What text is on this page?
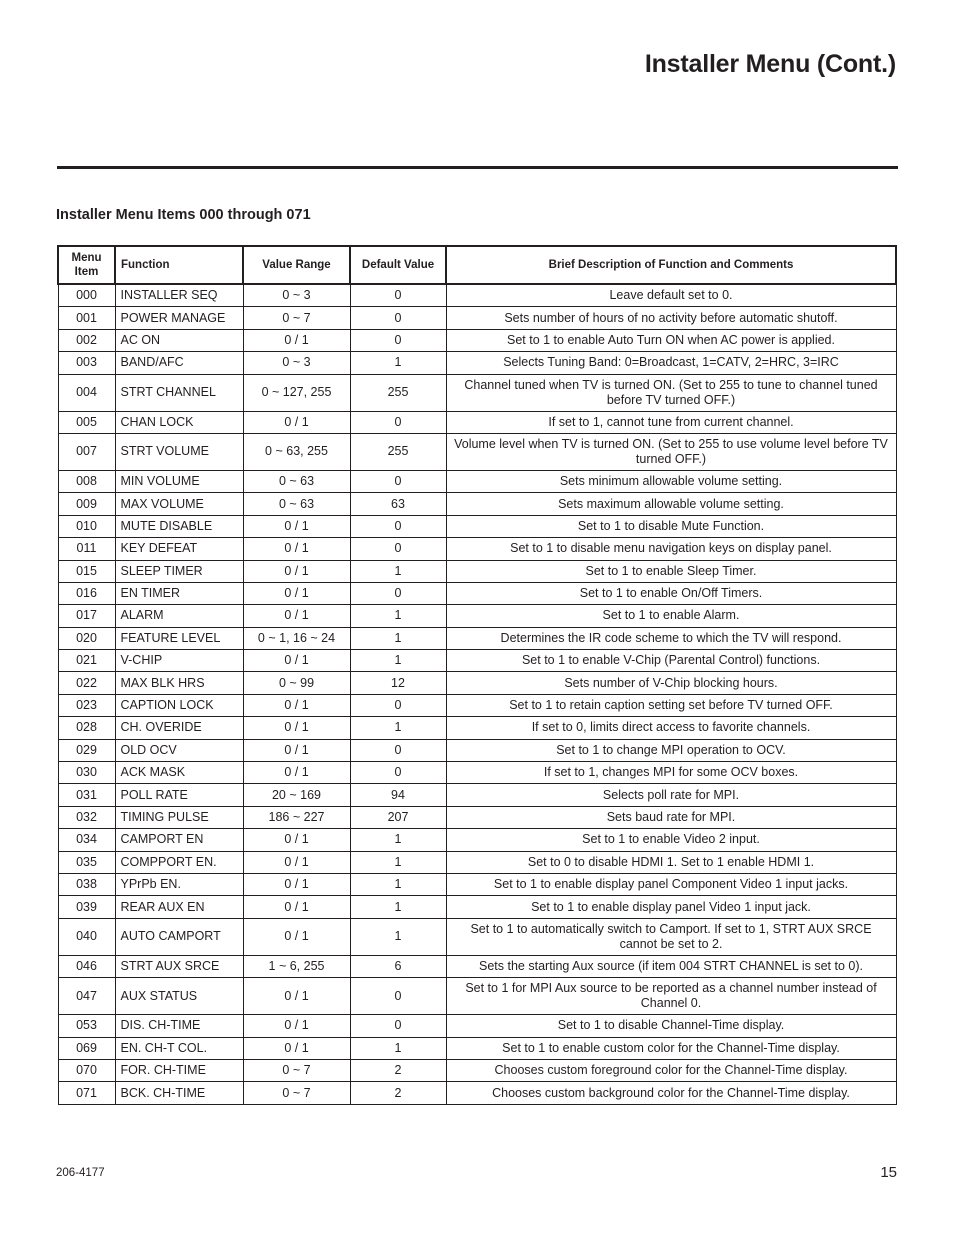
Installer Menu (Cont.)
Installer Menu Items 000 through 071
Menu Item	Function	Value Range	Default Value	Brief Description of Function and Comments
000	INSTALLER SEQ	0 ~ 3	0	Leave default set to 0.
001	POWER MANAGE	0 ~ 7	0	Sets number of hours of no activity before automatic shutoff.
002	AC ON	0 / 1	0	Set to 1 to enable Auto Turn ON when AC power is applied.
003	BAND/AFC	0 ~ 3	1	Selects Tuning Band: 0=Broadcast, 1=CATV, 2=HRC, 3=IRC
004	STRT CHANNEL	0 ~ 127, 255	255	Channel tuned when TV is turned ON. (Set to 255 to tune to channel tuned before TV turned OFF.)
005	CHAN LOCK	0 / 1	0	If set to 1, cannot tune from current channel.
007	STRT VOLUME	0 ~ 63, 255	255	Volume level when TV is turned ON. (Set to 255 to use volume level before TV turned OFF.)
008	MIN VOLUME	0 ~ 63	0	Sets minimum allowable volume setting.
009	MAX VOLUME	0 ~ 63	63	Sets maximum allowable volume setting.
010	MUTE DISABLE	0 / 1	0	Set to 1 to disable Mute Function.
011	KEY DEFEAT	0 / 1	0	Set to 1 to disable menu navigation keys on display panel.
015	SLEEP TIMER	0 / 1	1	Set to 1 to enable Sleep Timer.
016	EN TIMER	0 / 1	0	Set to 1 to enable On/Off Timers.
017	ALARM	0 / 1	1	Set to 1 to enable Alarm.
020	FEATURE LEVEL	0 ~ 1, 16 ~ 24	1	Determines the IR code scheme to which the TV will respond.
021	V-CHIP	0 / 1	1	Set to 1 to enable V-Chip (Parental Control) functions.
022	MAX BLK HRS	0 ~ 99	12	Sets number of V-Chip blocking hours.
023	CAPTION LOCK	0 / 1	0	Set to 1 to retain caption setting set before TV turned OFF.
028	CH. OVERIDE	0 / 1	1	If set to 0, limits direct access to favorite channels.
029	OLD OCV	0 / 1	0	Set to 1 to change MPI operation to OCV.
030	ACK MASK	0 / 1	0	If set to 1, changes MPI for some OCV boxes.
031	POLL RATE	20 ~ 169	94	Selects poll rate for MPI.
032	TIMING PULSE	186 ~ 227	207	Sets baud rate for MPI.
034	CAMPORT EN	0 / 1	1	Set to 1 to enable Video 2 input.
035	COMPPORT EN.	0 / 1	1	Set to 0 to disable HDMI 1. Set to 1 enable HDMI 1.
038	YPrPb EN.	0 / 1	1	Set to 1 to enable display panel Component Video 1 input jacks.
039	REAR AUX EN	0 / 1	1	Set to 1 to enable display panel Video 1 input jack.
040	AUTO CAMPORT	0 / 1	1	Set to 1 to automatically switch to Camport. If set to 1, STRT AUX SRCE cannot be set to 2.
046	STRT AUX SRCE	1 ~ 6, 255	6	Sets the starting Aux source (if item 004 STRT CHANNEL is set to 0).
047	AUX STATUS	0 / 1	0	Set to 1 for MPI Aux source to be reported as a channel number instead of Channel 0.
053	DIS. CH-TIME	0 / 1	0	Set to 1 to disable Channel-Time display.
069	EN. CH-T COL.	0 / 1	1	Set to 1 to enable custom color for the Channel-Time display.
070	FOR. CH-TIME	0 ~ 7	2	Chooses custom foreground color for the Channel-Time display.
071	BCK. CH-TIME	0 ~ 7	2	Chooses custom background color for the Channel-Time display.
206-4177	15
